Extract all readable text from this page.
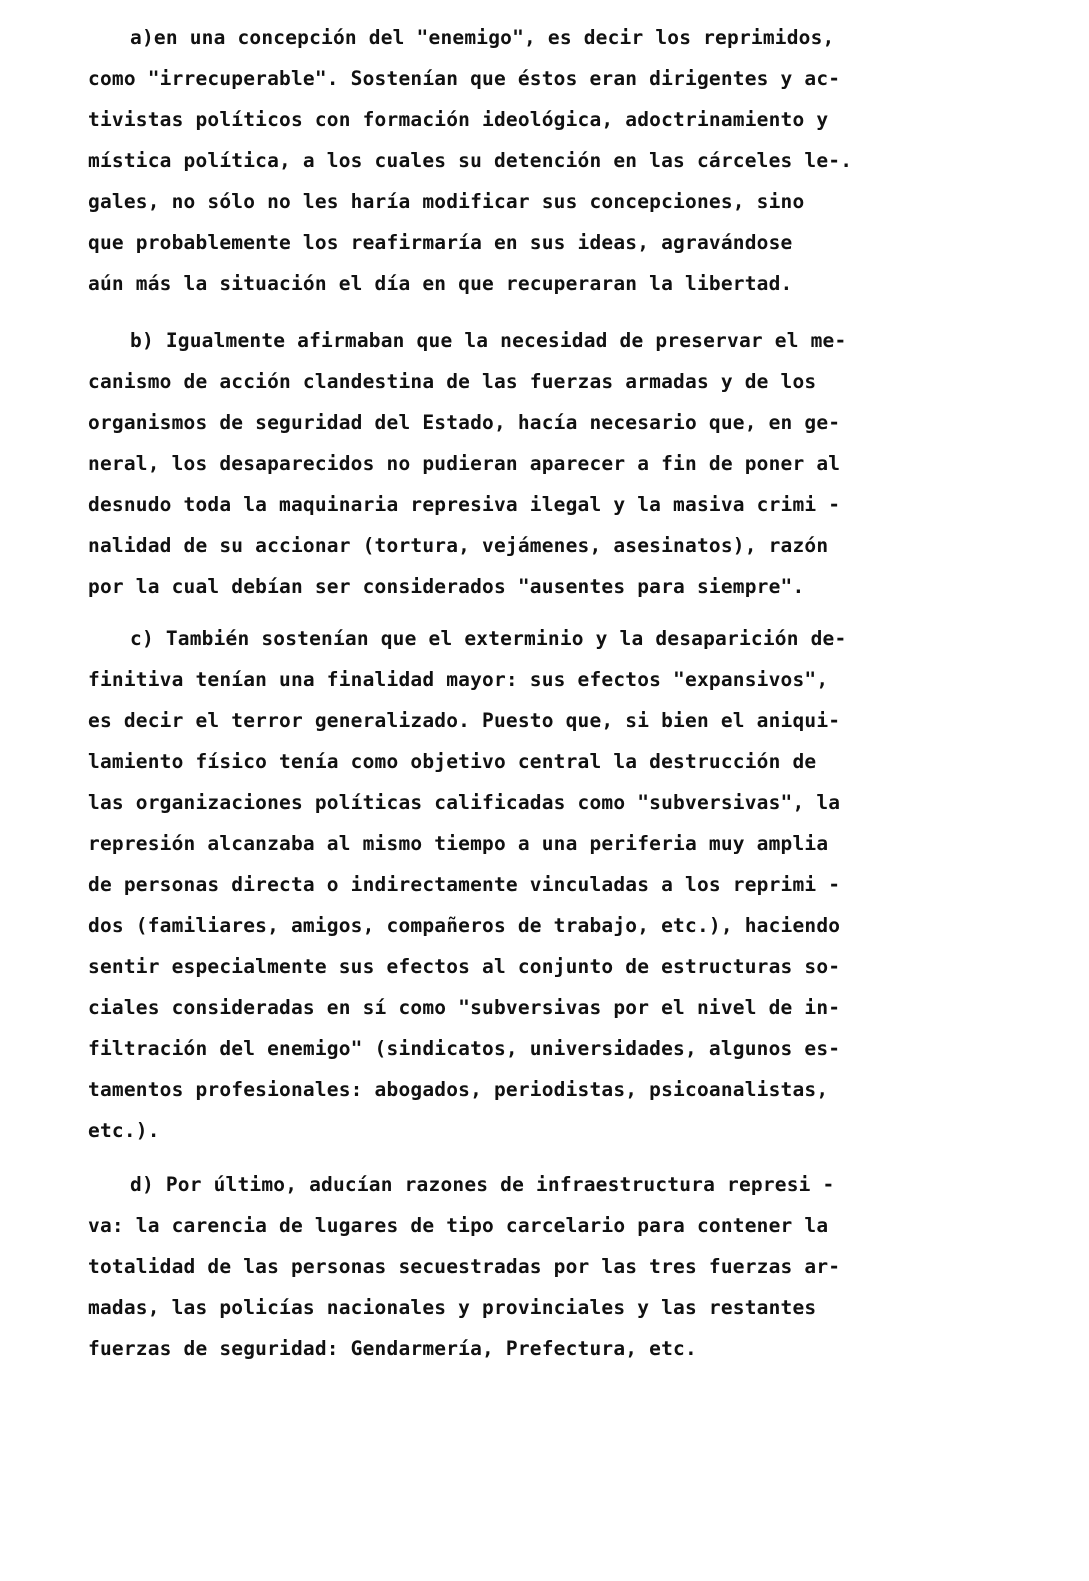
a)en una concepción del "enemigo", es decir los reprimidos,
como "irrecuperable". Sostenían que éstos eran dirigentes y ac-
tivistas políticos con formación ideológica, adoctrinamiento y
mística política, a los cuales su detención en las cárceles le-.
gales, no sólo no les haría modificar sus concepciones, sino
que probablemente los reafirmaría en sus ideas, agravándose
aún más la situación el día en que recuperaran la libertad.
b) Igualmente afirmaban que la necesidad de preservar el me-
canismo de acción clandestina de las fuerzas armadas y de los
organismos de seguridad del Estado, hacía necesario que, en ge-
neral, los desaparecidos no pudieran aparecer a fin de poner al
desnudo toda la maquinaria represiva ilegal y la masiva crimi -
nalidad de su accionar (tortura, vejámenes, asesinatos), razón
por la cual debían ser considerados "ausentes para siempre".
c) También sostenían que el exterminio y la desaparición de-
finitiva tenían una finalidad mayor: sus efectos "expansivos",
es decir el terror generalizado. Puesto que, si bien el aniqui-
lamiento físico tenía como objetivo central la destrucción de
las organizaciones políticas calificadas como "subversivas", la
represión alcanzaba al mismo tiempo a una periferia muy amplia
de personas directa o indirectamente vinculadas a los reprimi -
dos (familiares, amigos, compañeros de trabajo, etc.), haciendo
sentir especialmente sus efectos al conjunto de estructuras so-
ciales consideradas en sí como "subversivas por el nivel de in-
filtración del enemigo" (sindicatos, universidades, algunos es-
tamentos profesionales: abogados, periodistas, psicoanalistas,
etc.).
d) Por último, aducían razones de infraestructura represi -
va: la carencia de lugares de tipo carcelario para contener la
totalidad de las personas secuestradas por las tres fuerzas ar-
madas, las policías nacionales y provinciales y las restantes
fuerzas de seguridad: Gendarmería, Prefectura, etc.
